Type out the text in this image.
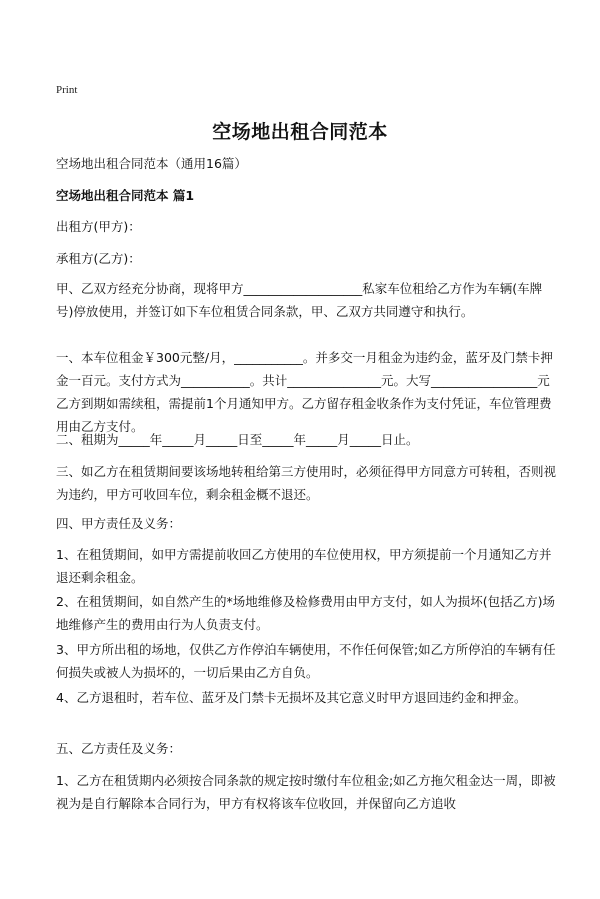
Print
空场地出租合同范本
空场地出租合同范本（通用16篇）
空场地出租合同范本 篇1
出租方(甲方)：
承租方(乙方)：
甲、乙双方经充分协商，现将甲方___________________私家车位租给乙方作为车辆(车牌号)停放使用，并签订如下车位租赁合同条款，甲、乙双方共同遵守和执行。
一、本车位租金￥300元整/月，___________。并多交一月租金为违约金，蓝牙及门禁卡押金一百元。支付方式为___________。共计_______________元。大写_________________元乙方到期如需续租，需提前1个月通知甲方。乙方留存租金收条作为支付凭证，车位管理费用由乙方支付。
二、租期为_____年_____月_____日至_____年_____月_____日止。
三、如乙方在租赁期间要该场地转租给第三方使用时，必须征得甲方同意方可转租，否则视为违约，甲方可收回车位，剩余租金概不退还。
四、甲方责任及义务：
1、在租赁期间，如甲方需提前收回乙方使用的车位使用权，甲方须提前一个月通知乙方并退还剩余租金。
2、在租赁期间，如自然产生的*场地维修及检修费用由甲方支付，如人为损坏(包括乙方)场地维修产生的费用由行为人负责支付。
3、甲方所出租的场地，仅供乙方作停泊车辆使用，不作任何保管;如乙方所停泊的车辆有任何损失或被人为损坏的，一切后果由乙方自负。
4、乙方退租时，若车位、蓝牙及门禁卡无损坏及其它意义时甲方退回违约金和押金。
五、乙方责任及义务：
1、乙方在租赁期内必须按合同条款的规定按时缴付车位租金;如乙方拖欠租金达一周，即被视为是自行解除本合同行为，甲方有权将该车位收回，并保留向乙方追收
